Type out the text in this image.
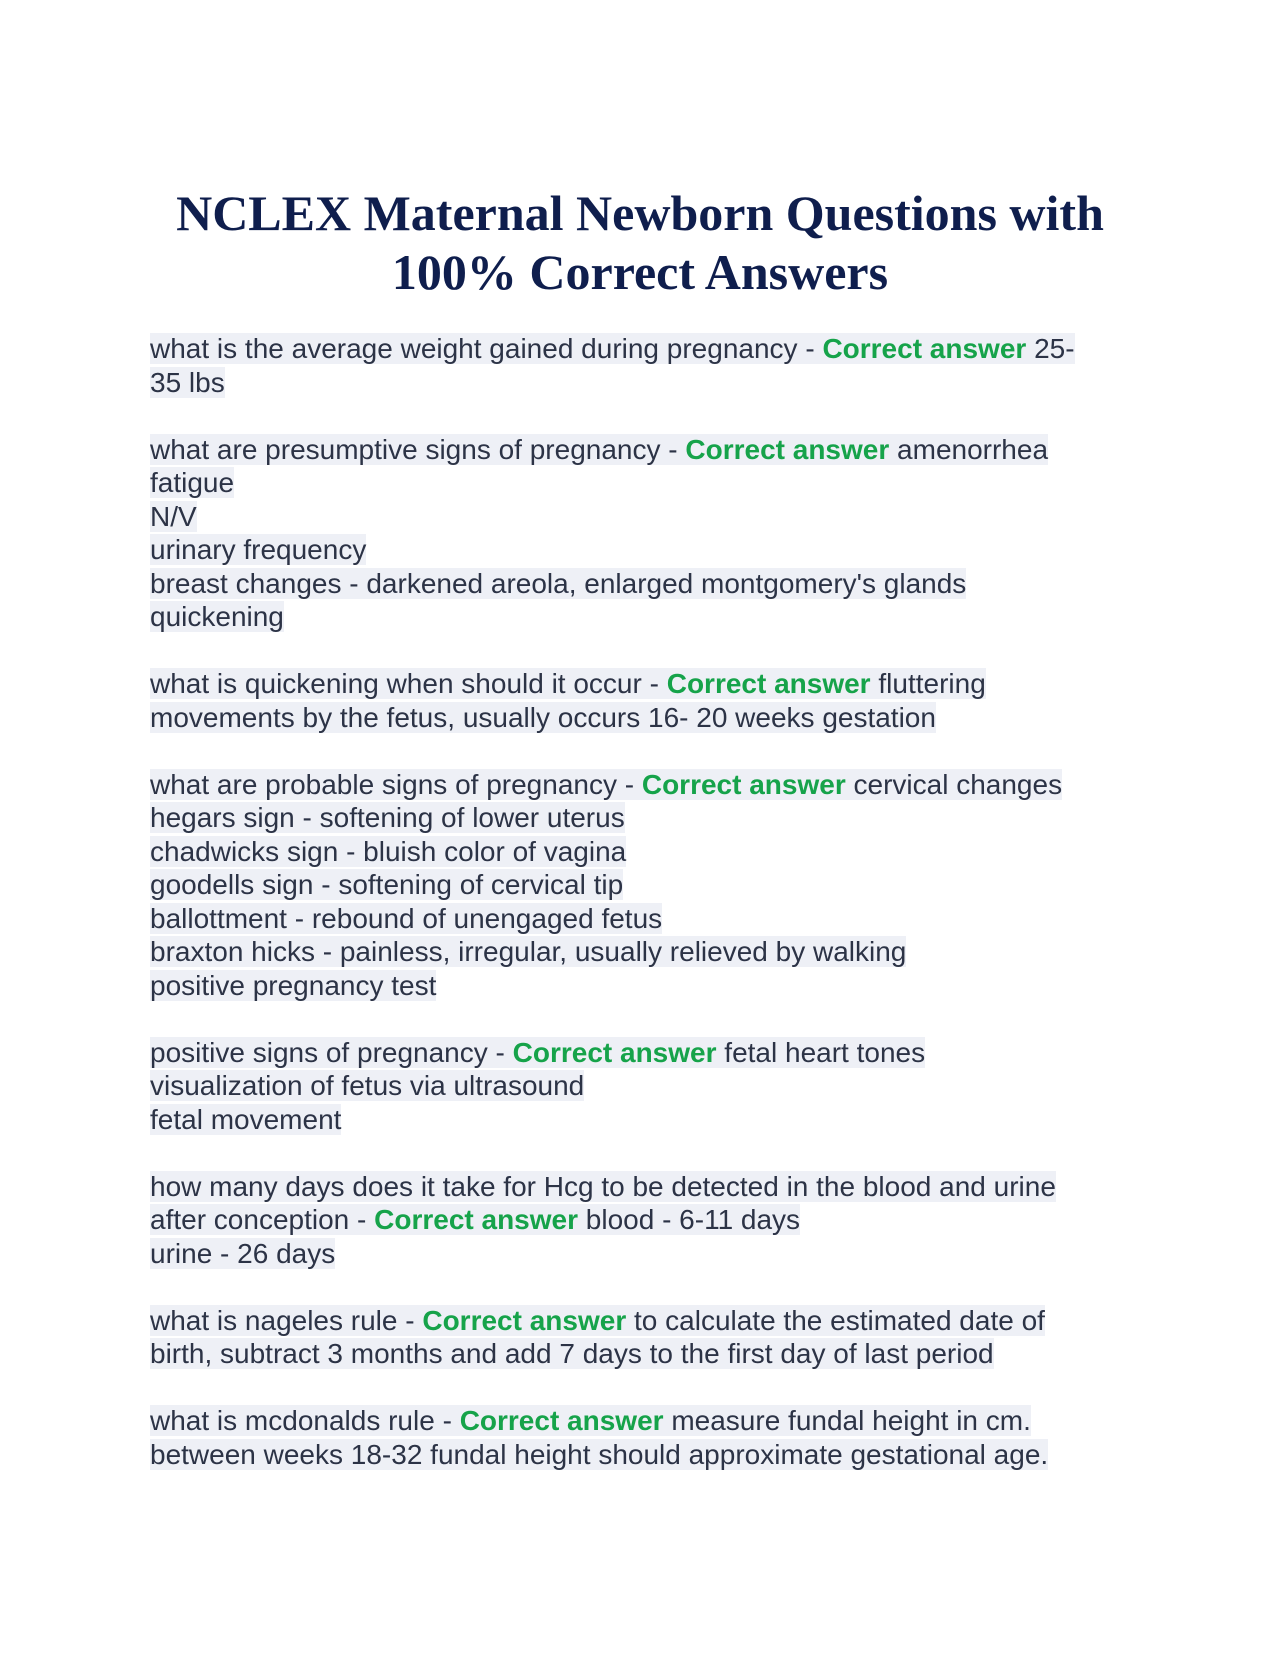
NCLEX Maternal Newborn Questions with
100% Correct Answers
what is the average weight gained during pregnancy - Correct answer 25-
35 lbs
what are presumptive signs of pregnancy - Correct answer amenorrhea
fatigue
N/V
urinary frequency
breast changes - darkened areola, enlarged montgomery's glands
quickening
what is quickening when should it occur - Correct answer fluttering
movements by the fetus, usually occurs 16- 20 weeks gestation
what are probable signs of pregnancy - Correct answer cervical changes
hegars sign - softening of lower uterus
chadwicks sign - bluish color of vagina
goodells sign - softening of cervical tip
ballottment - rebound of unengaged fetus
braxton hicks - painless, irregular, usually relieved by walking
positive pregnancy test
positive signs of pregnancy - Correct answer fetal heart tones
visualization of fetus via ultrasound
fetal movement
how many days does it take for Hcg to be detected in the blood and urine
after conception - Correct answer blood - 6-11 days
urine - 26 days
what is nageles rule - Correct answer to calculate the estimated date of
birth, subtract 3 months and add 7 days to the first day of last period
what is mcdonalds rule - Correct answer measure fundal height in cm.
between weeks 18-32 fundal height should approximate gestational age.
